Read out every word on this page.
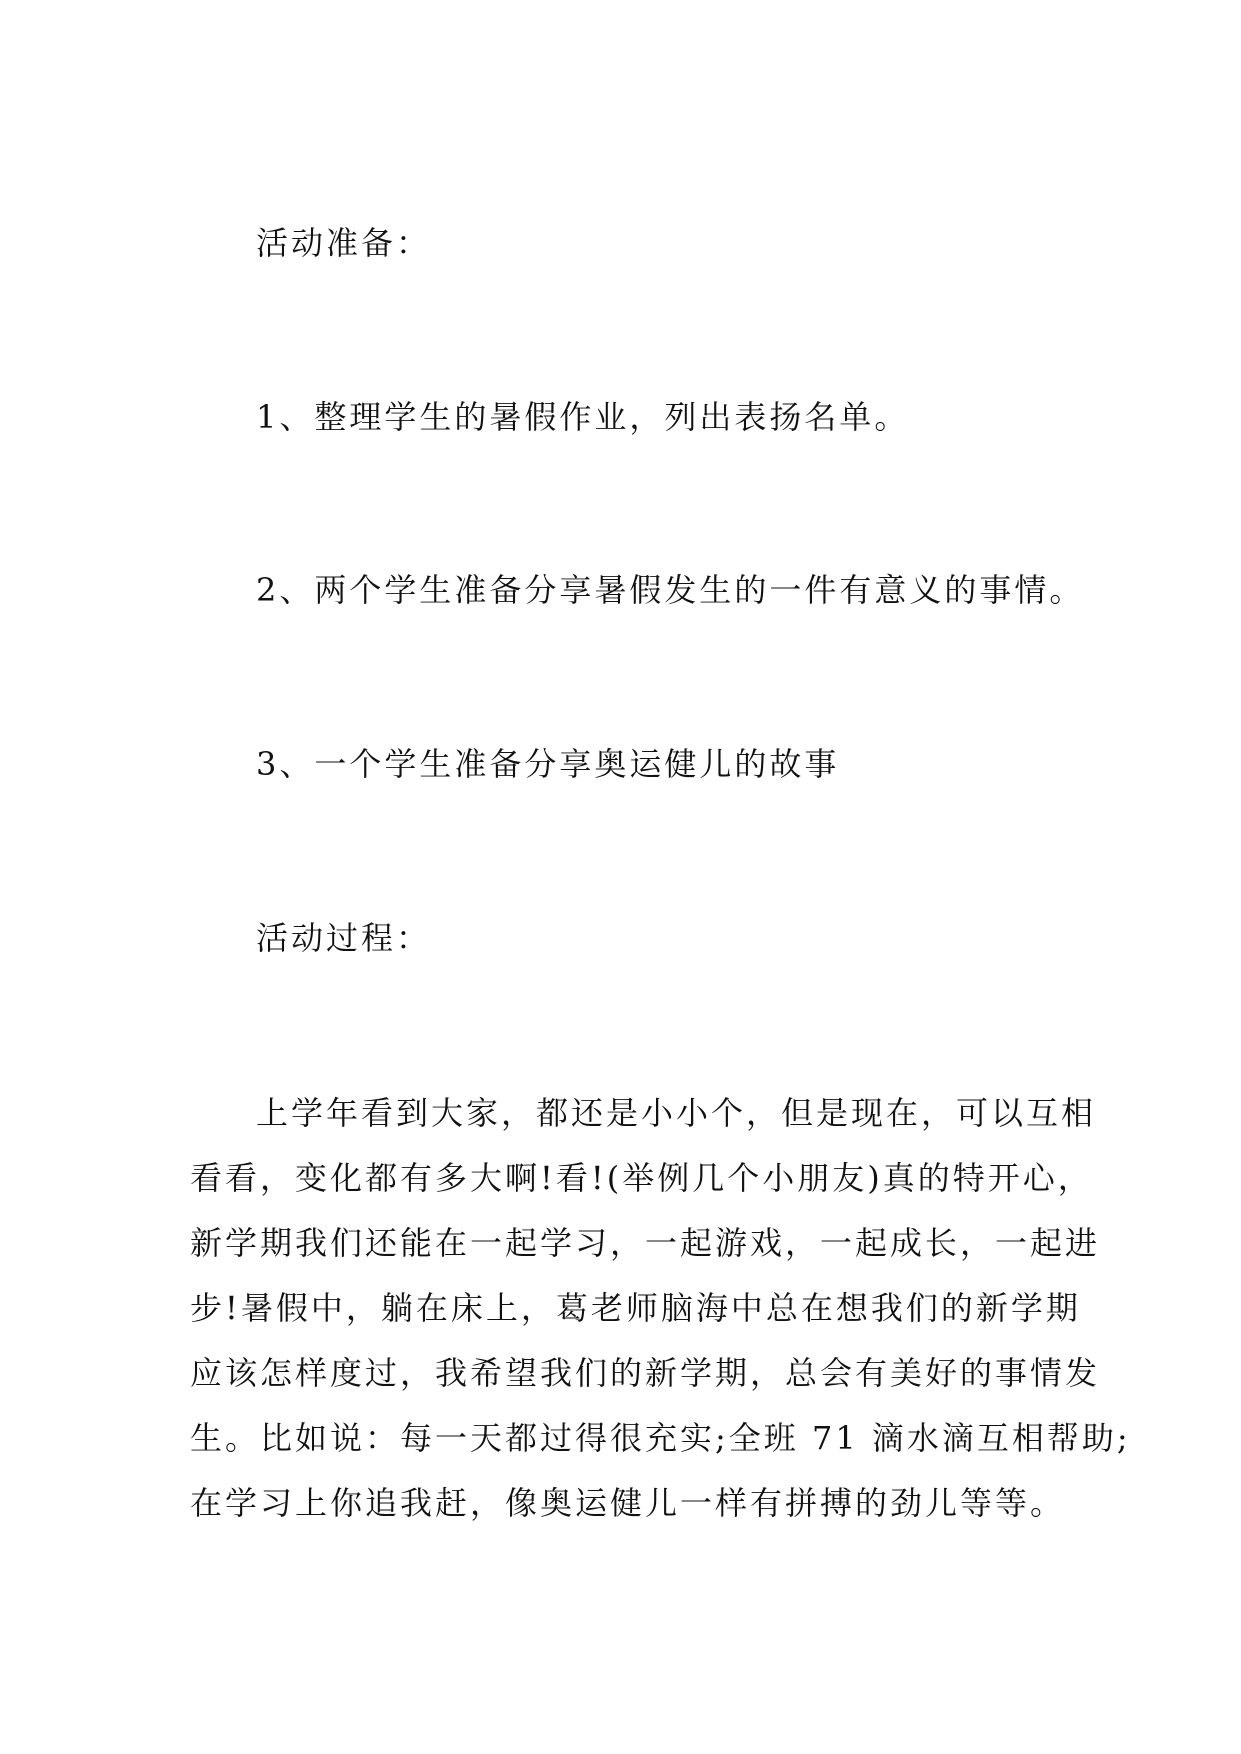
活动准备：
1、整理学生的暑假作业，列出表扬名单。
2、两个学生准备分享暑假发生的一件有意义的事情。
3、一个学生准备分享奥运健儿的故事
活动过程：
上学年看到大家，都还是小小个，但是现在，可以互相
看看，变化都有多大啊!看!(举例几个小朋友)真的特开心，
新学期我们还能在一起学习，一起游戏，一起成长，一起进
步!暑假中，躺在床上，葛老师脑海中总在想我们的新学期
应该怎样度过，我希望我们的新学期，总会有美好的事情发
生。比如说：每一天都过得很充实;全班 71 滴水滴互相帮助;
在学习上你追我赶，像奥运健儿一样有拼搏的劲儿等等。
